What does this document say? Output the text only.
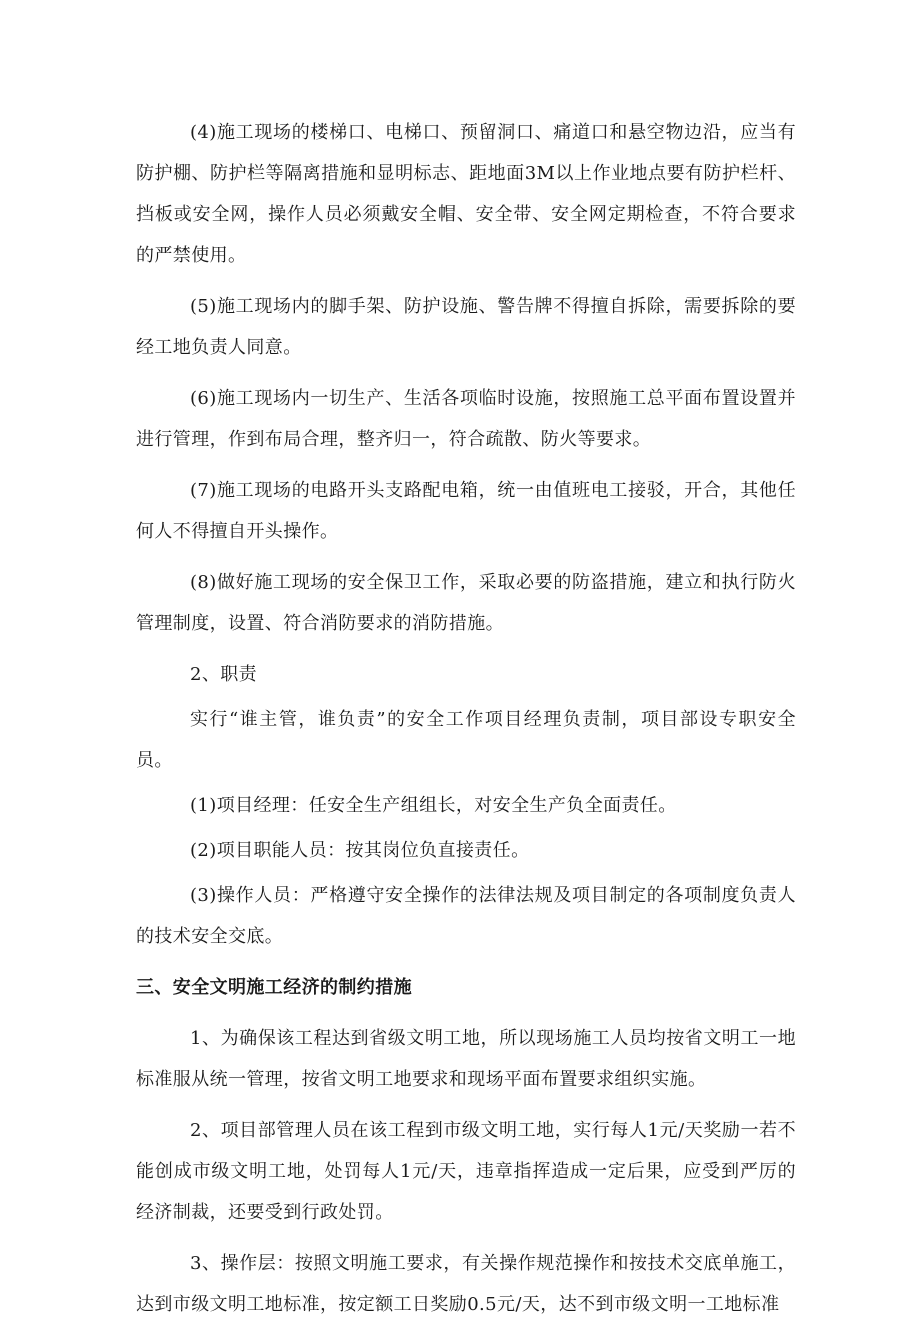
(4)施工现场的楼梯口、电梯口、预留洞口、痛道口和悬空物边沿，应当有防护棚、防护栏等隔离措施和显明标志、距地面3M以上作业地点要有防护栏杆、挡板或安全网，操作人员必须戴安全帽、安全带、安全网定期检查，不符合要求的严禁使用。

(5)施工现场内的脚手架、防护设施、警告牌不得擅自拆除，需要拆除的要经工地负责人同意。

(6)施工现场内一切生产、生活各项临时设施，按照施工总平面布置设置并进行管理，作到布局合理，整齐归一，符合疏散、防火等要求。

(7)施工现场的电路开头支路配电箱，统一由值班电工接驳，开合，其他任何人不得擅自开头操作。

(8)做好施工现场的安全保卫工作，采取必要的防盗措施，建立和执行防火管理制度，设置、符合消防要求的消防措施。

2、职责

实行“谁主管，谁负责”的安全工作项目经理负责制，项目部设专职安全员。

(1)项目经理：任安全生产组组长，对安全生产负全面责任。

(2)项目职能人员：按其岗位负直接责任。

(3)操作人员：严格遵守安全操作的法律法规及项目制定的各项制度负责人的技术安全交底。

三、安全文明施工经济的制约措施

1、为确保该工程达到省级文明工地，所以现场施工人员均按省文明工一地标准服从统一管理，按省文明工地要求和现场平面布置要求组织实施。

2、项目部管理人员在该工程到市级文明工地，实行每人1元/天奖励一若不能创成市级文明工地，处罚每人1元/天，违章指挥造成一定后果，应受到严厉的经济制裁，还要受到行政处罚。

3、操作层：按照文明施工要求，有关操作规范操作和按技术交底单施工，达到市级文明工地标准，按定额工日奖励0.5元/天，达不到市级文明一工地标准
